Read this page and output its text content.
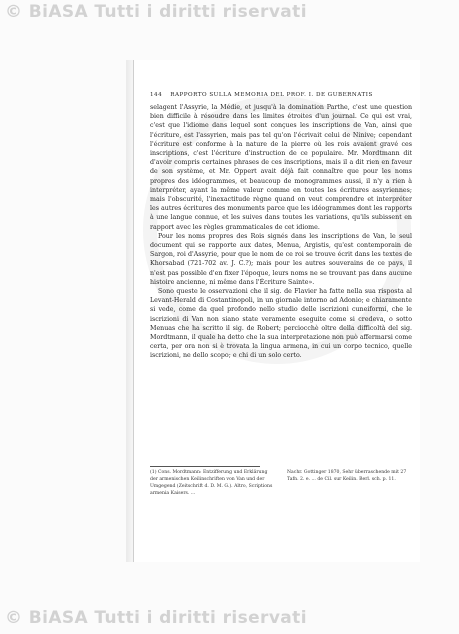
© BiASA Tutti i diritti riservati
144 RAPPORTO SULLA MEMORIA DEL PROF. I. DE GUBERNATIS

selagent l'Assyrie, la Médie, et jusqu'à la domination Parthe, c'est une question bien difficile à résoudre dans les limites étroites d'un journal. Ce qui est vrai, c'est que l'idiome dans lequel sont conçues les inscriptions de Van, ainsi que l'écriture, est l'assyrien, mais pas tel qu'on l'écrivait celui de Ninive; cependant l'écriture est conforme à la nature de la pierre où les rois avaient gravé ces inscriptions, c'est l'écriture d'instruction de ce populaire. Mr. Mordtmann dit d'avoir compris certaines phrases de ces inscriptions, mais il a dit rien en faveur de son système, et Mr. Oppert avait déjà fait connaître que pour les noms propres des idéogrammes, et beaucoup de monogrammes aussi, il n'y a rien à interpréter, ayant la même valeur comme en toutes les écritures assyriennes; mais l'obscurité, l'inexactitude règne quand on veut comprendre et interpréter les autres écritures des monuments parce que les idéogrammes dont les rapports à une langue connue, et les suives dans toutes les variations, qu'ils subissent en rapport avec les règles grammaticales de cet idiome.

Pour les noms propres des Rois signés dans les inscriptions de Van, le seul document qui se rapporte aux dates, Menua, Argistis, qu'est contemporain de Sargon, roi d'Assyrie, pour que le nom de ce roi se trouve écrit dans les textes de Khorsabad (721-702 av. J. C.?); mais pour les autres souverains de ce pays, il n'est pas possible d'en fixer l'époque, leurs noms ne se trouvant pas dans aucune histoire ancienne, ni même dans l'Écriture Sainte».

Sono queste le osservazioni che il sig. de Flavier ha fatte nella sua risposta al Levant-Herald di Costantinopoli, in un giornale intorno ad Adonio; e chiaramente si vede, come da quel profondo nello studio delle iscrizioni cuneiformi, che le iscrizioni di Van non siano state veramente eseguite come si credeva, o sotto Menuas che ha scritto il sig. de Robert; perciocchè oltre della difficoltà del sig. Mordtmann, il quale ha detto che la sua interpretazione non può affermarsi come certa, per ora non si è trovata la lingua armena, in cui un corpo tecnico, quelle iscrizioni, ne dello scopo; e chi di un solo certo.

(1) Cons. Mordtmann: Entzifferung und Erklärung der armenischen Keilinschriften von Van und der Umgegend (Zeitschrift d. D. M. G.). Altro, Scriptions armenia Kaisers. ...
Nachr. Gottinger 1870, Sehr überraschende mit 27 Tafn. 2. e. ... de Cil. sur Keilin. Berl. sch. p. 11.
© BiASA Tutti i diritti riservati
